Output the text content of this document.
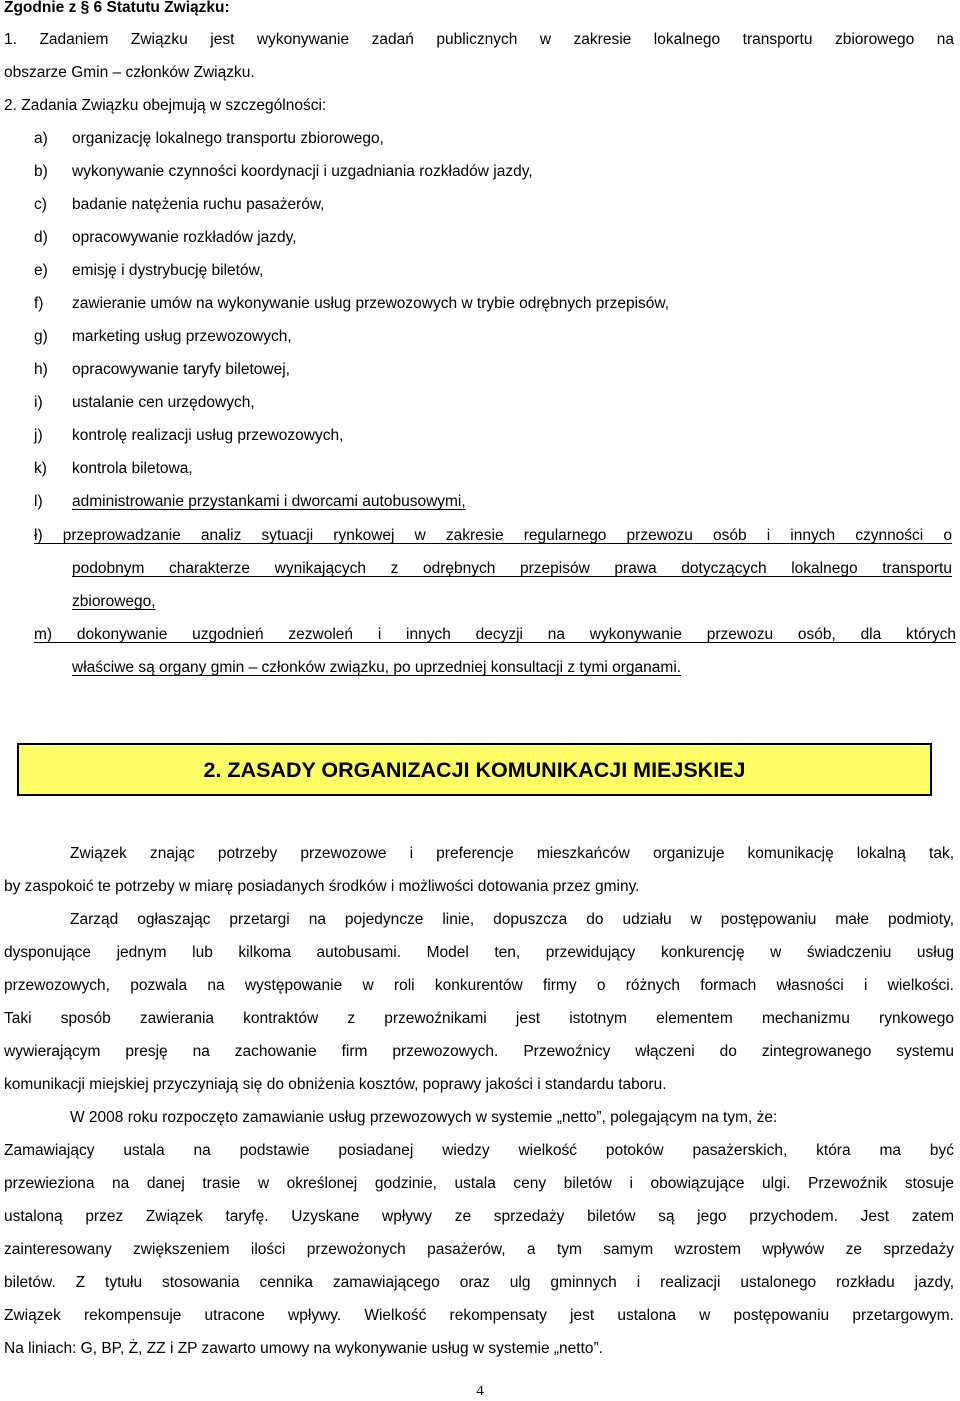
Zgodnie z § 6 Statutu Związku:
1. Zadaniem Związku jest wykonywanie zadań publicznych w zakresie lokalnego transportu zbiorowego na
obszarze Gmin – członków Związku.
2. Zadania Związku obejmują w szczególności:
a) organizację lokalnego transportu zbiorowego,
b) wykonywanie czynności koordynacji i uzgadniania rozkładów jazdy,
c) badanie natężenia ruchu pasażerów,
d) opracowywanie rozkładów jazdy,
e) emisję i dystrybucję biletów,
f) zawieranie umów na wykonywanie usług przewozowych w trybie odrębnych przepisów,
g) marketing usług przewozowych,
h) opracowywanie taryfy biletowej,
i) ustalanie cen urzędowych,
j) kontrolę realizacji usług przewozowych,
k) kontrola biletowa,
l) administrowanie przystankami i dworcami autobusowymi,
ł) przeprowadzanie analiz sytuacji rynkowej w zakresie regularnego przewozu osób i innych czynności o
podobnym charakterze wynikających z odrębnych przepisów prawa dotyczących lokalnego transportu
zbiorowego,
m) dokonywanie uzgodnień zezwoleń i innych decyzji na wykonywanie przewozu osób, dla których
właściwe są organy gmin – członków związku, po uprzedniej konsultacji z tymi organami.
2. ZASADY ORGANIZACJI KOMUNIKACJI MIEJSKIEJ
Związek znając potrzeby przewozowe i preferencje mieszkańców organizuje komunikację lokalną tak,
by zaspokoić te potrzeby w miarę posiadanych środków i możliwości dotowania przez gminy.
Zarząd ogłaszając przetargi na pojedyncze linie, dopuszcza do udziału w postępowaniu małe podmioty,
dysponujące jednym lub kilkoma autobusami. Model ten, przewidujący konkurencję w świadczeniu usług
przewozowych, pozwala na występowanie w roli konkurentów firmy o różnych formach własności i wielkości.
Taki sposób zawierania kontraktów z przewoźnikami jest istotnym elementem mechanizmu rynkowego
wywierającym presję na zachowanie firm przewozowych. Przewoźnicy włączeni do zintegrowanego systemu
komunikacji miejskiej przyczyniają się do obniżenia kosztów, poprawy jakości i standardu taboru.
W 2008 roku rozpoczęto zamawianie usług przewozowych w systemie „netto”, polegającym na tym, że:
Zamawiający ustala na podstawie posiadanej wiedzy wielkość potoków pasażerskich, która ma być
przewieziona na danej trasie w określonej godzinie, ustala ceny biletów i obowiązujące ulgi. Przewoźnik stosuje
ustaloną przez Związek taryfę. Uzyskane wpływy ze sprzedaży biletów są jego przychodem. Jest zatem
zainteresowany zwiększeniem ilości przewożonych pasażerów, a tym samym wzrostem wpływów ze sprzedaży
biletów. Z tytułu stosowania cennika zamawiającego oraz ulg gminnych i realizacji ustalonego rozkładu jazdy,
Związek rekompensuje utracone wpływy. Wielkość rekompensaty jest ustalona w postępowaniu przetargowym.
Na liniach: G, BP, Ż, ZZ i ZP zawarto umowy na wykonywanie usług w systemie „netto”.
4
